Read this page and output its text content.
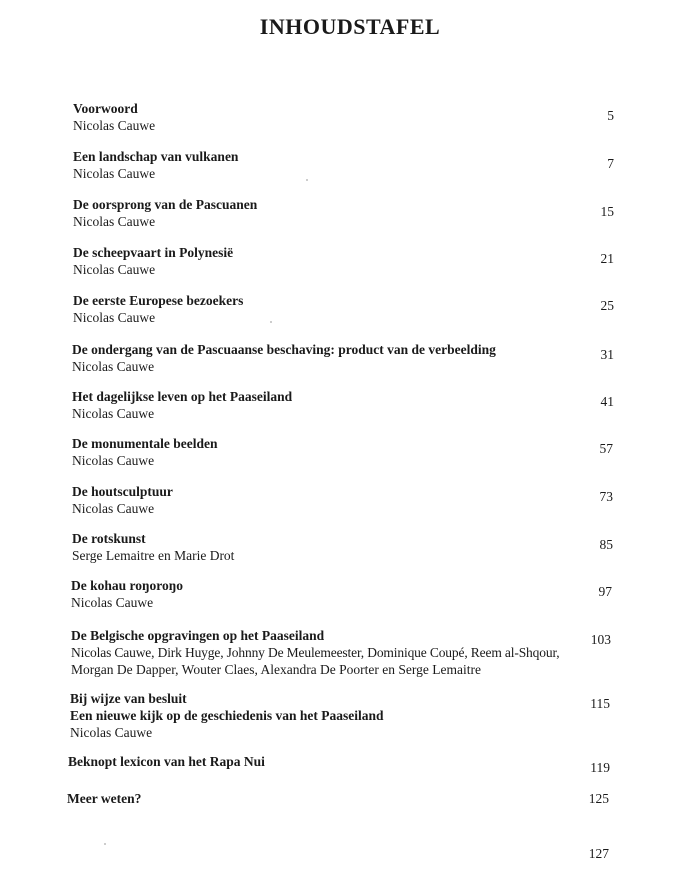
INHOUDSTAFEL
Voorwoord
Nicolas Cauwe
5
Een landschap van vulkanen
Nicolas Cauwe
7
De oorsprong van de Pascuanen
Nicolas Cauwe
15
De scheepvaart in Polynesië
Nicolas Cauwe
21
De eerste Europese bezoekers
Nicolas Cauwe
25
De ondergang van de Pascuaanse beschaving: product van de verbeelding
Nicolas Cauwe
31
Het dagelijkse leven op het Paaseiland
Nicolas Cauwe
41
De monumentale beelden
Nicolas Cauwe
57
De houtsculptuur
Nicolas Cauwe
73
De rotskunst
Serge Lemaitre en Marie Drot
85
De kohau roŋoroŋo
Nicolas Cauwe
97
De Belgische opgravingen op het Paaseiland
Nicolas Cauwe, Dirk Huyge, Johnny De Meulemeester, Dominique Coupé, Reem al-Shqour,
Morgan De Dapper, Wouter Claes, Alexandra De Poorter en Serge Lemaitre
103
Bij wijze van besluit
Een nieuwe kijk op de geschiedenis van het Paaseiland
Nicolas Cauwe
115
Beknopt lexicon van het Rapa Nui	119
Meer weten?	125
127
